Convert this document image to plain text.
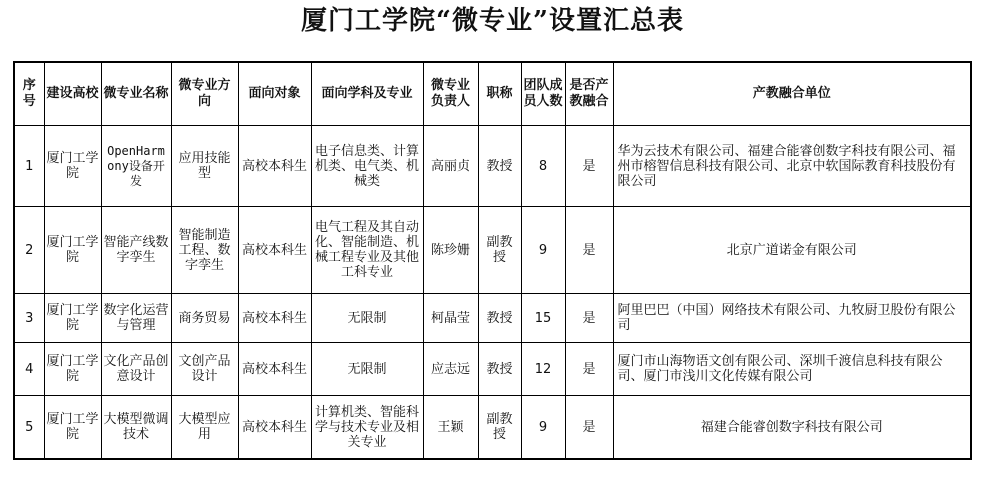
厦门工学院“微专业”设置汇总表
序号	建设高校	微专业名称	微专业方向	面向对象	面向学科及专业	微专业负责人	职称	团队成员人数	是否产教融合	产教融合单位
1	厦门工学院	OpenHarmony设备开发	应用技能型	高校本科生	电子信息类、计算机类、电气类、机械类	高丽贞	教授	8	是	华为云技术有限公司、福建合能睿创数字科技有限公司、福州市榕智信息科技有限公司、北京中软国际教育科技股份有限公司
2	厦门工学院	智能产线数字孪生	智能制造工程、数字孪生	高校本科生	电气工程及其自动化、智能制造、机械工程专业及其他工科专业	陈珍姗	副教授	9	是	北京广道诺金有限公司
3	厦门工学院	数字化运营与管理	商务贸易	高校本科生	无限制	柯晶莹	教授	15	是	阿里巴巴（中国）网络技术有限公司、九牧厨卫股份有限公司
4	厦门工学院	文化产品创意设计	文创产品设计	高校本科生	无限制	应志远	教授	12	是	厦门市山海物语文创有限公司、深圳千渡信息科技有限公司、厦门市浅川文化传媒有限公司
5	厦门工学院	大模型微调技术	大模型应用	高校本科生	计算机类、智能科学与技术专业及相关专业	王颖	副教授	9	是	福建合能睿创数字科技有限公司
